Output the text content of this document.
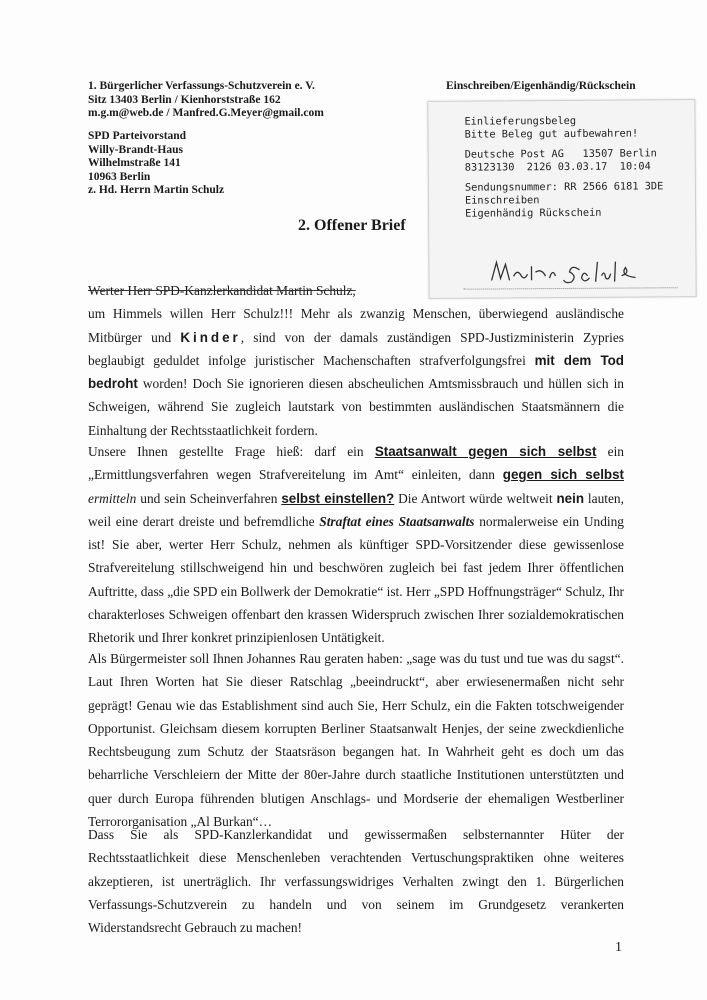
1. Bürgerlicher Verfassungs-Schutzverein e. V.
Sitz 13403 Berlin / Kienhorststraße 162
m.g.m@web.de / Manfred.G.Meyer@gmail.com
SPD Parteivorstand
Willy-Brandt-Haus
Wilhelmstraße 141
10963 Berlin
z. Hd. Herrn Martin Schulz
Einschreiben/Eigenhändig/Rückschein
Einlieferungsbeleg
Bitte Beleg gut aufbewahren!
Deutsche Post AG   13507 Berlin
83123130  2126 03.03.17  10:04
Sendungsnummer: RR 2566 6181 3DE
Einschreiben
Eigenhändig Rückschein
2. Offener Brief
Werter Herr SPD-Kanzlerkandidat Martin Schulz,
um Himmels willen Herr Schulz!!! Mehr als zwanzig Menschen, überwiegend ausländische Mitbürger und Kinder, sind von der damals zuständigen SPD-Justizministerin Zypries beglaubigt geduldet infolge juristischer Machenschaften strafverfolgungsfrei mit dem Tod bedroht worden! Doch Sie ignorieren diesen abscheulichen Amtsmissbrauch und hüllen sich in Schweigen, während Sie zugleich lautstark von bestimmten ausländischen Staatsmännern die Einhaltung der Rechtsstaatlichkeit fordern.
Unsere Ihnen gestellte Frage hieß: darf ein Staatsanwalt gegen sich selbst ein „Ermittlungsverfahren wegen Strafvereitelung im Amt“ einleiten, dann gegen sich selbst ermitteln und sein Scheinverfahren selbst einstellen? Die Antwort würde weltweit nein lauten, weil eine derart dreiste und befremdliche Straftat eines Staatsanwalts normalerweise ein Unding ist! Sie aber, werter Herr Schulz, nehmen als künftiger SPD-Vorsitzender diese gewissenlose Strafvereitelung stillschweigend hin und beschwören zugleich bei fast jedem Ihrer öffentlichen Auftritte, dass „die SPD ein Bollwerk der Demokratie“ ist. Herr „SPD Hoffnungsträger“ Schulz, Ihr charakterloses Schweigen offenbart den krassen Widerspruch zwischen Ihrer sozialdemokratischen Rhetorik und Ihrer konkret prinzipienlosen Untätigkeit.
Als Bürgermeister soll Ihnen Johannes Rau geraten haben: „sage was du tust und tue was du sagst“. Laut Ihren Worten hat Sie dieser Ratschlag „beeindruckt“, aber erwiesenermaßen nicht sehr geprägt! Genau wie das Establishment sind auch Sie, Herr Schulz, ein die Fakten totschweigender Opportunist. Gleichsam diesem korrupten Berliner Staatsanwalt Henjes, der seine zweckdienliche Rechtsbeugung zum Schutz der Staatsräson begangen hat. In Wahrheit geht es doch um das beharrliche Verschleiern der Mitte der 80er-Jahre durch staatliche Institutionen unterstützten und quer durch Europa führenden blutigen Anschlags- und Mordserie der ehemaligen Westberliner Terrororganisation „Al Burkan“…
Dass Sie als SPD-Kanzlerkandidat und gewissermaßen selbsternannter Hüter der Rechtsstaatlichkeit diese Menschenleben verachtenden Vertuschungspraktiken ohne weiteres akzeptieren, ist unerträglich. Ihr verfassungswidriges Verhalten zwingt den 1. Bürgerlichen Verfassungs-Schutzverein zu handeln und von seinem im Grundgesetz verankerten Widerstandsrecht Gebrauch zu machen!
1
